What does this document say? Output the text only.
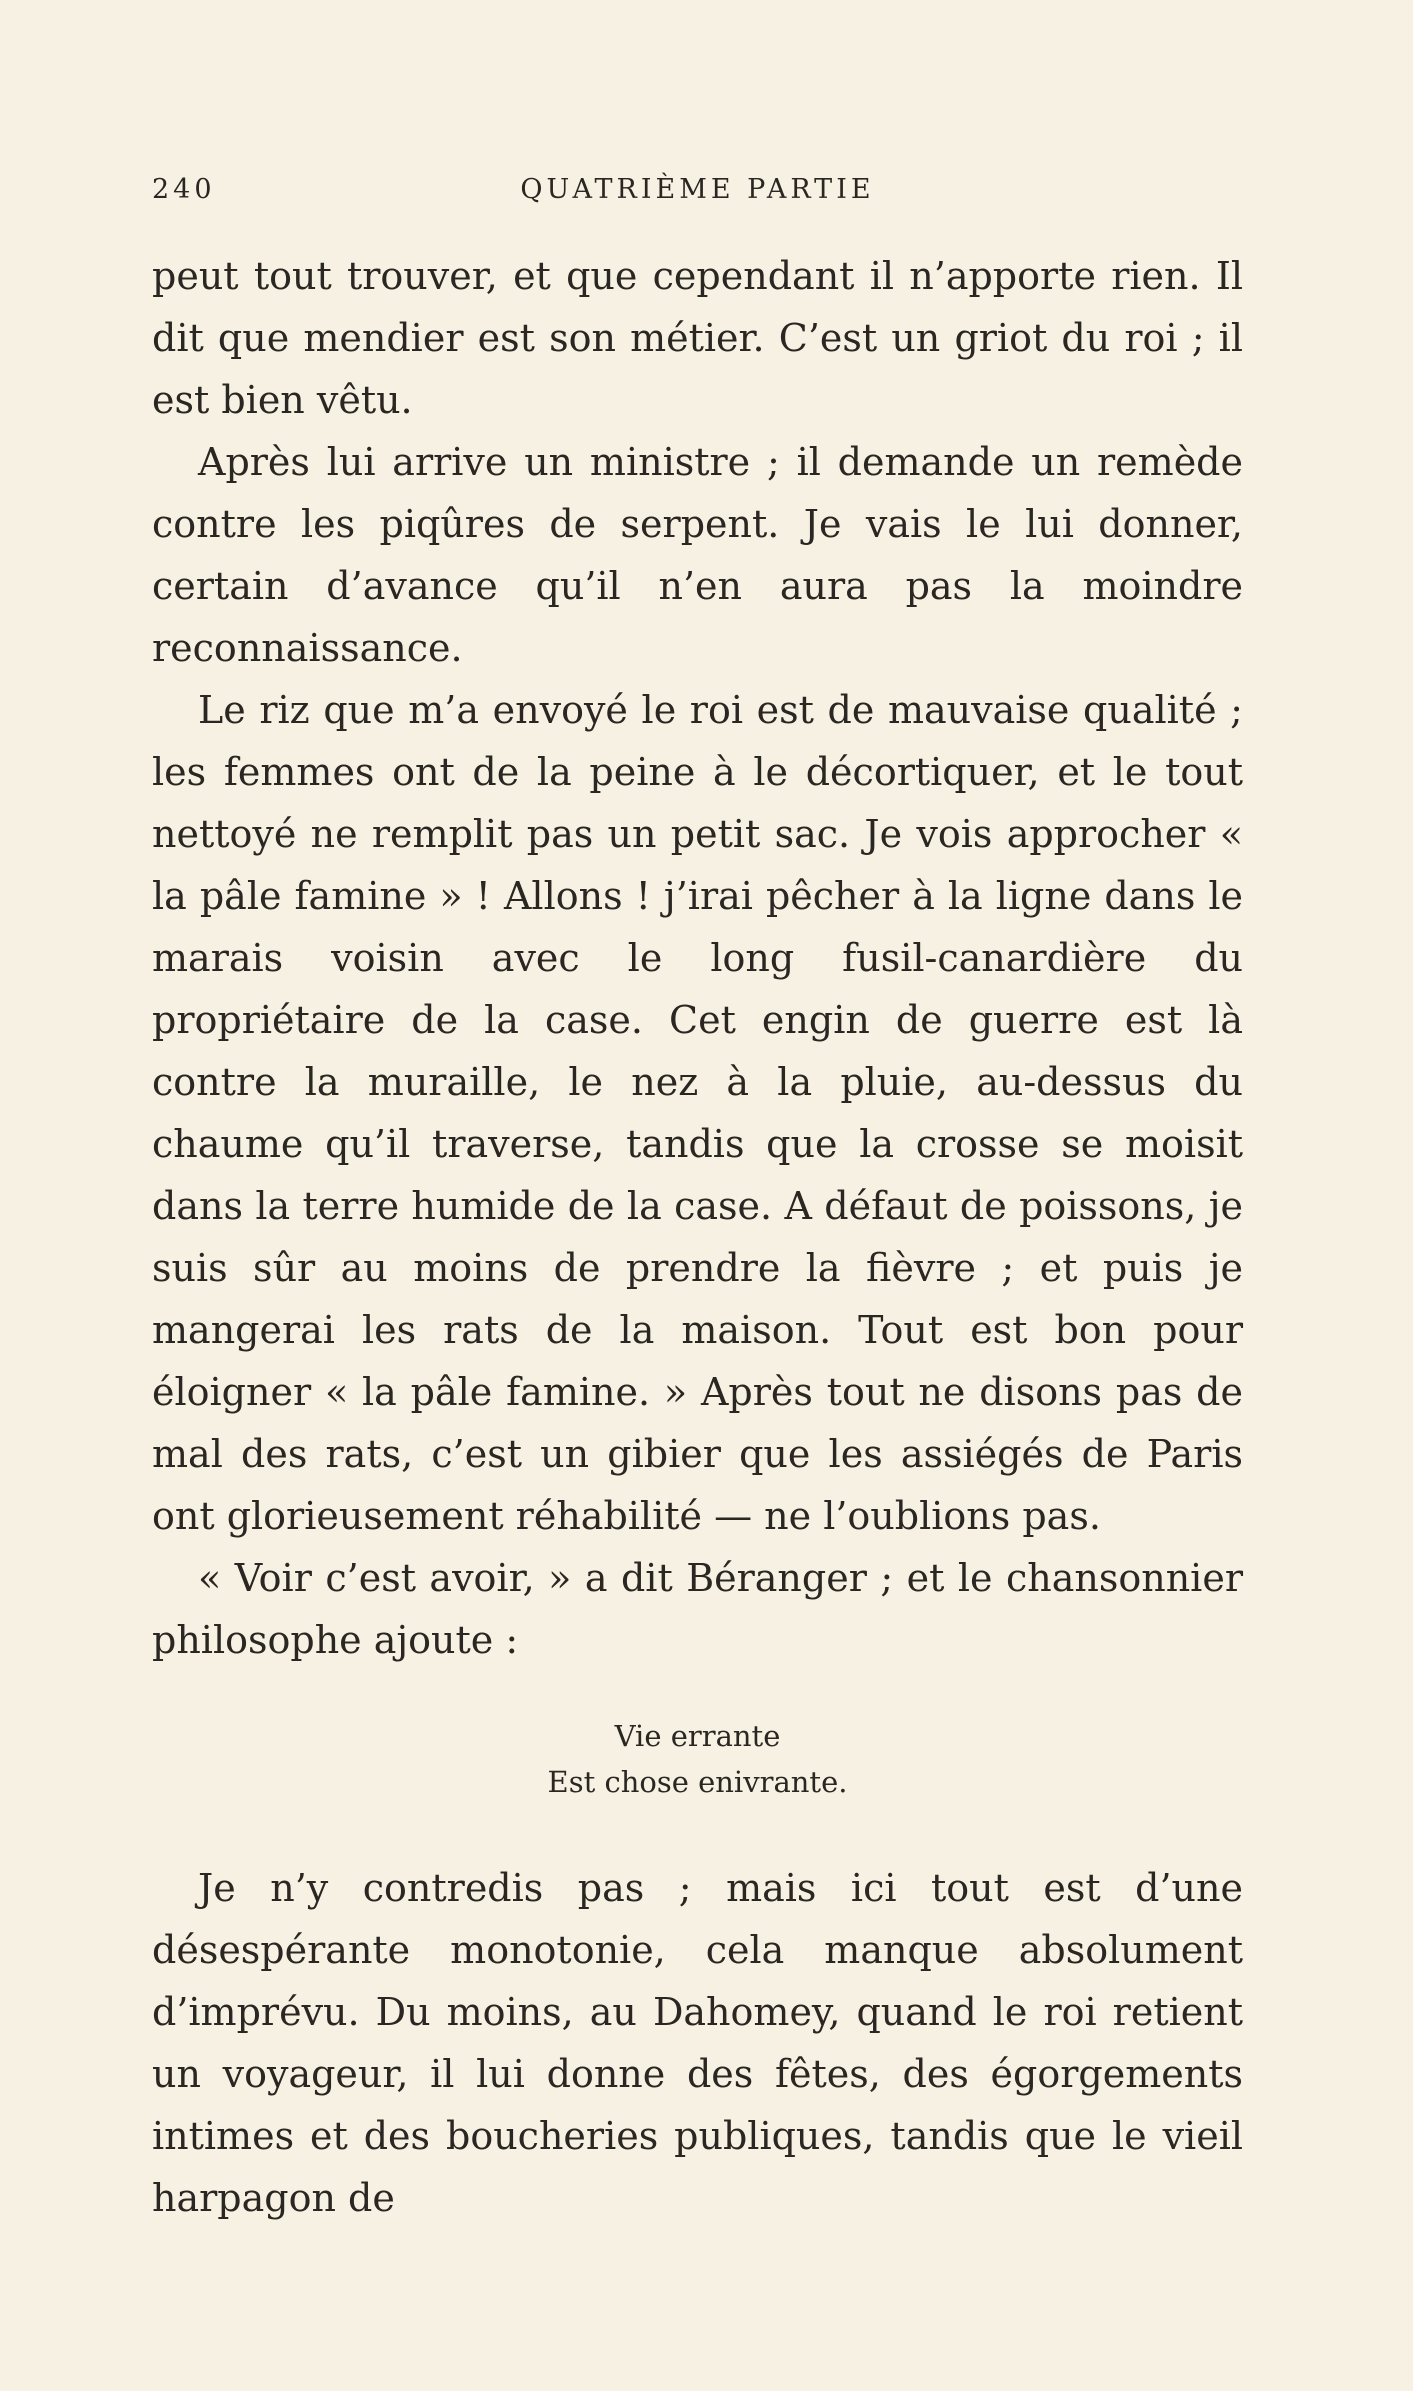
240	QUATRIÈME PARTIE

peut tout trouver, et que cependant il n’apporte rien. Il dit que mendier est son métier. C’est un griot du roi ; il est bien vêtu.

Après lui arrive un ministre ; il demande un remède contre les piqûres de serpent. Je vais le lui donner, certain d’avance qu’il n’en aura pas la moindre reconnaissance.

Le riz que m’a envoyé le roi est de mauvaise qualité ; les femmes ont de la peine à le décortiquer, et le tout nettoyé ne remplit pas un petit sac. Je vois approcher « la pâle famine » ! Allons ! j’irai pêcher à la ligne dans le marais voisin avec le long fusil-canardière du propriétaire de la case. Cet engin de guerre est là contre la muraille, le nez à la pluie, au-dessus du chaume qu’il traverse, tandis que la crosse se moisit dans la terre humide de la case. A défaut de poissons, je suis sûr au moins de prendre la fièvre ; et puis je mangerai les rats de la maison. Tout est bon pour éloigner « la pâle famine. » Après tout ne disons pas de mal des rats, c’est un gibier que les assiégés de Paris ont glorieusement réhabilité — ne l’oublions pas.

« Voir c’est avoir, » a dit Béranger ; et le chansonnier philosophe ajoute :

Vie errante
Est chose enivrante.

Je n’y contredis pas ; mais ici tout est d’une désespérante monotonie, cela manque absolument d’imprévu. Du moins, au Dahomey, quand le roi retient un voyageur, il lui donne des fêtes, des égorgements intimes et des boucheries publiques, tandis que le vieil harpagon de
